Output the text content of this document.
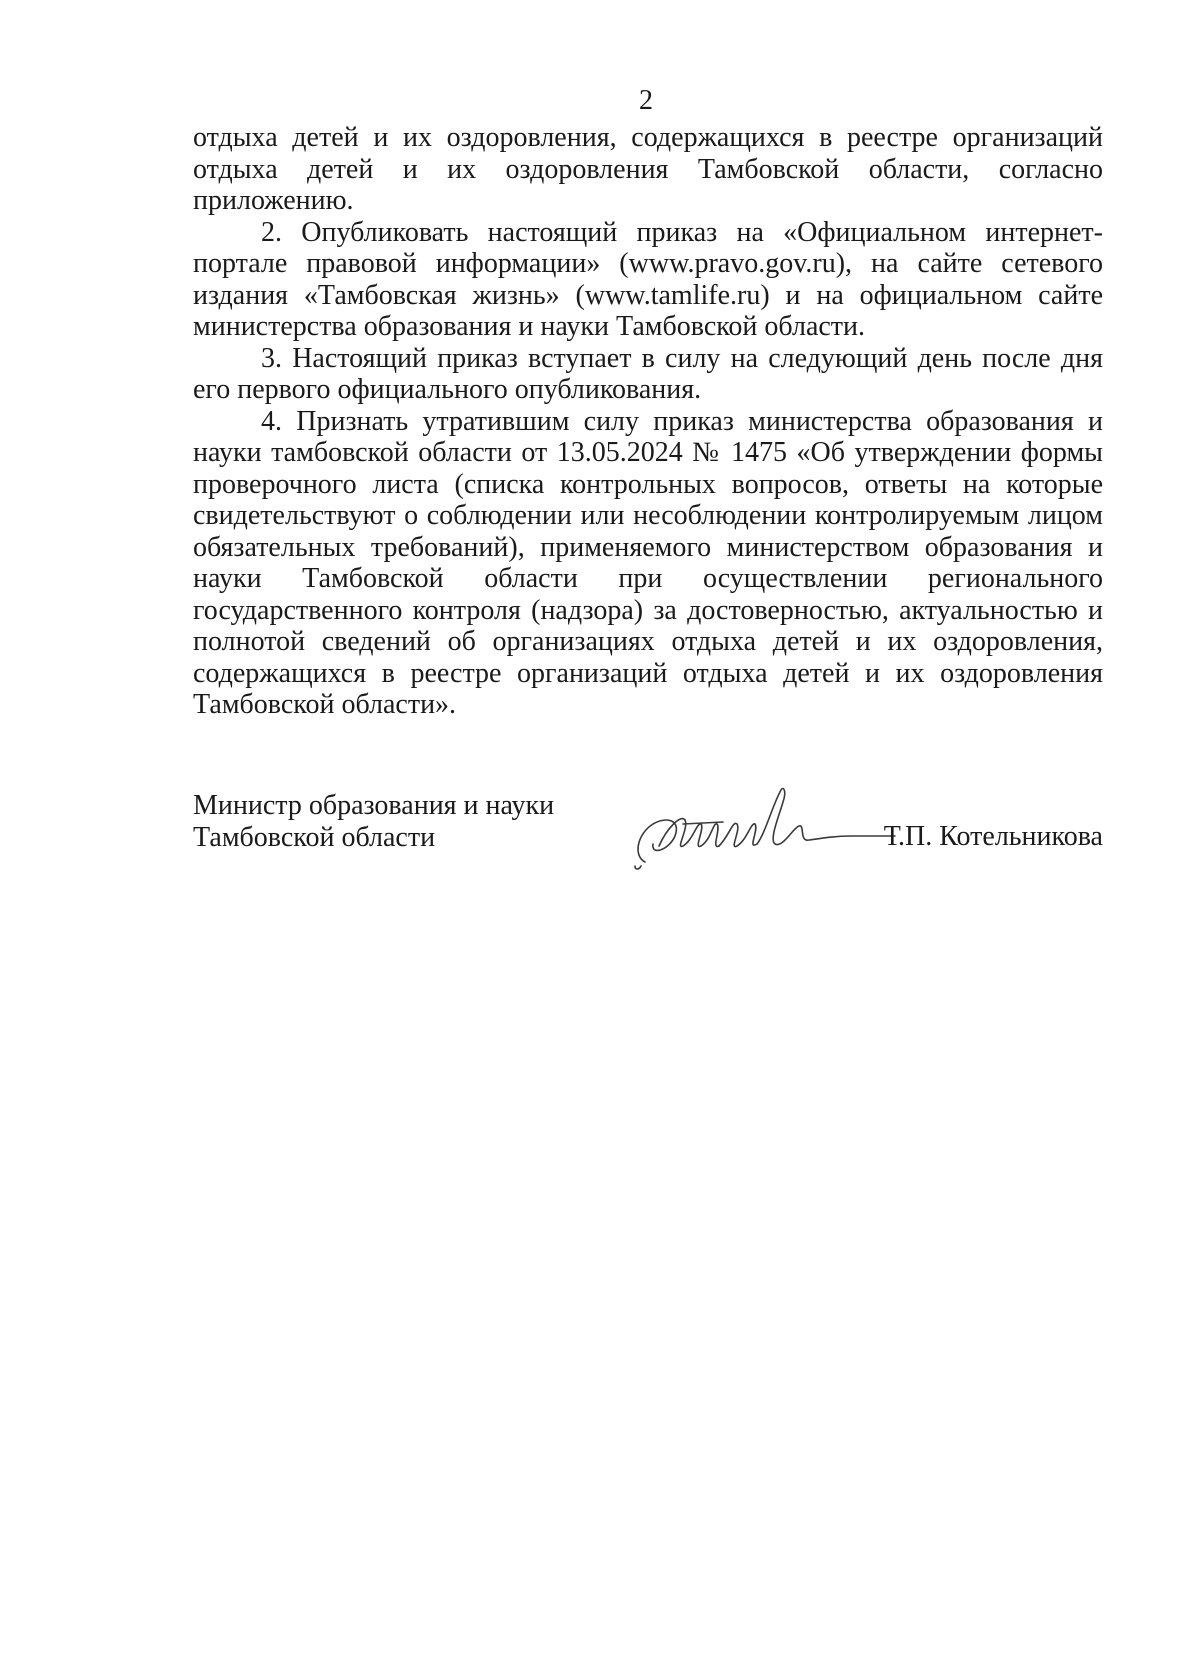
2

отдыха детей и их оздоровления, содержащихся в реестре организаций отдыха детей и их оздоровления Тамбовской области, согласно приложению.

2. Опубликовать настоящий приказ на «Официальном интернет-портале правовой информации» (www.pravo.gov.ru), на сайте сетевого издания «Тамбовская жизнь» (www.tamlife.ru) и на официальном сайте министерства образования и науки Тамбовской области.

3. Настоящий приказ вступает в силу на следующий день после дня его первого официального опубликования.

4. Признать утратившим силу приказ министерства образования и науки тамбовской области от 13.05.2024 № 1475 «Об утверждении формы проверочного листа (списка контрольных вопросов, ответы на которые свидетельствуют о соблюдении или несоблюдении контролируемым лицом обязательных требований), применяемого министерством образования и науки Тамбовской области при осуществлении регионального государственного контроля (надзора) за достоверностью, актуальностью и полнотой сведений об организациях отдыха детей и их оздоровления, содержащихся в реестре организаций отдыха детей и их оздоровления Тамбовской области».

Министр образования и науки
Тамбовской области	Т.П. Котельникова
